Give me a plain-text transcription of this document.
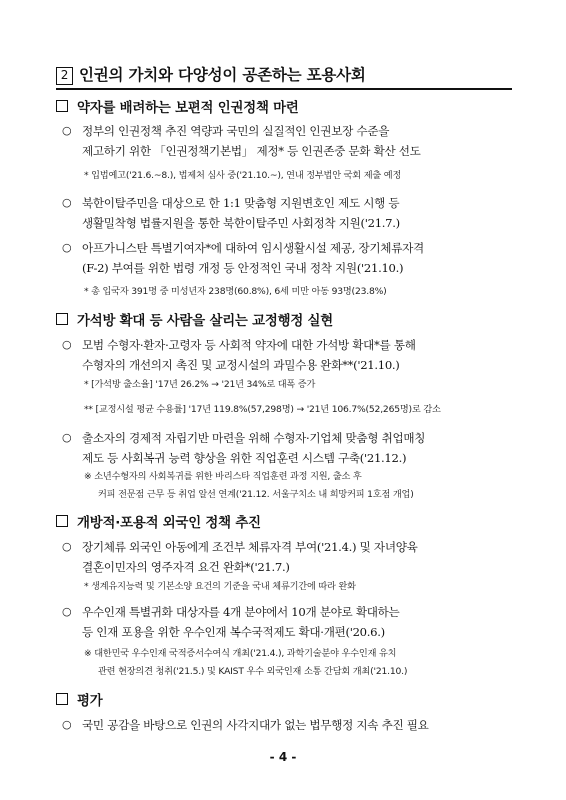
2 인권의 가치와 다양성이 공존하는 포용사회
약자를 배려하는 보편적 인권정책 마련
○ 정부의 인권정책 추진 역량과 국민의 실질적인 인권보장 수준을
제고하기 위한 「인권정책기본법」 제정* 등 인권존중 문화 확산 선도
* 입법예고('21.6.~8.), 법제처 심사 중('21.10.~), 연내 정부법안 국회 제출 예정
○ 북한이탈주민을 대상으로 한 1:1 맞춤형 지원변호인 제도 시행 등
생활밀착형 법률지원을 통한 북한이탈주민 사회정착 지원('21.7.)
○ 아프가니스탄 특별기여자*에 대하여 임시생활시설 제공, 장기체류자격
(F-2) 부여를 위한 법령 개정 등 안정적인 국내 정착 지원('21.10.)
* 총 입국자 391명 중 미성년자 238명(60.8%), 6세 미만 아동 93명(23.8%)
가석방 확대 등 사람을 살리는 교정행정 실현
○ 모범 수형자·환자·고령자 등 사회적 약자에 대한 가석방 확대*를 통해
수형자의 개선의지 촉진 및 교정시설의 과밀수용 완화**('21.10.)
* [가석방 출소율] '17년 26.2% → '21년 34%로 대폭 증가
** [교정시설 평균 수용률] '17년 119.8%(57,298명) → '21년 106.7%(52,265명)로 감소
○ 출소자의 경제적 자립기반 마련을 위해 수형자·기업체 맞춤형 취업매칭
제도 등 사회복귀 능력 향상을 위한 직업훈련 시스템 구축('21.12.)
※ 소년수형자의 사회복귀를 위한 바리스타 직업훈련 과정 지원, 출소 후
커피 전문점 근무 등 취업 알선 연계('21.12. 서울구치소 내 희망커피 1호점 개업)
개방적·포용적 외국인 정책 추진
○ 장기체류 외국인 아동에게 조건부 체류자격 부여('21.4.) 및 자녀양육
결혼이민자의 영주자격 요건 완화*('21.7.)
* 생계유지능력 및 기본소양 요건의 기준을 국내 체류기간에 따라 완화
○ 우수인재 특별귀화 대상자를 4개 분야에서 10개 분야로 확대하는
등 인재 포용을 위한 우수인재 복수국적제도 확대·개편('20.6.)
※ 대한민국 우수인재 국적증서수여식 개최('21.4.), 과학기술분야 우수인재 유치
관련 현장의견 청취('21.5.) 및 KAIST 우수 외국인재 소통 간담회 개최('21.10.)
평가
○ 국민 공감을 바탕으로 인권의 사각지대가 없는 법무행정 지속 추진 필요
- 4 -
